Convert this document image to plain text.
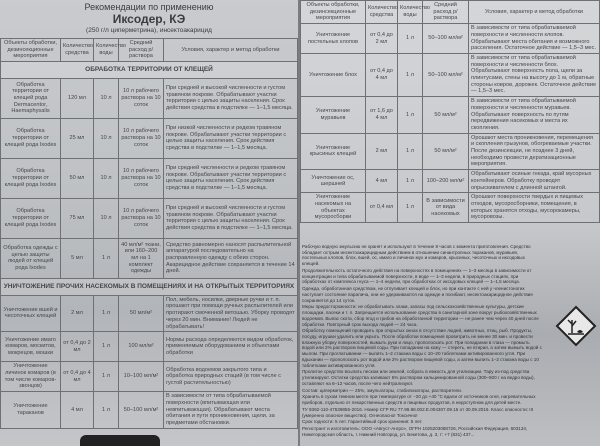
Рекомендации по применению
Иксодер, КЭ
(250 г/л циперметрина), инсектоакарицид
Объекты обработки, дезинсекционные мероприятия	Количество средства	Количество воды	Средний расход р/раствора	Условия, характер и метод обработки
ОБРАБОТКА ТЕРРИТОРИИ ОТ КЛЕЩЕЙ				
Обработка территории от клещей рода Dermacentor, Haemaphysalis	120 мл	10 л	10 л рабочего раствора на 10 соток	При средней и высокой численности и густом травяном покрове. Обрабатывают участки территории с целью защиты населения. Срок действия средства в подстилке — 1–1,5 месяца.
Обработка территории от клещей рода Ixodes	25 мл	10 л	10 л рабочего раствора на 10 соток	При низкой численности и редком травяном покрове. Обрабатывают участки территории с целью защиты населения. Срок действия средства в подстилке — 1–1,5 месяца.
Обработка территории от клещей рода Ixodes	50 мл	10 л	10 л рабочего раствора на 10 соток	При средней численности и редком травяном покрове. Обрабатывают участки территории с целью защиты населения. Срок действия средства в подстилке — 1–1,5 месяца.
Обработка территории от клещей рода Ixodes	75 мл	10 л	10 л рабочего раствора на 10 соток	При средней и высокой численности и густом травяном покрове. Обрабатывают участки территории с целью защиты населения. Срок действия средства в подстилке — 1–1,5 месяца.
Обработка одежды с целью защиты людей от клещей рода Ixodes	5 мл	1 л	40 мл/м² ткани, или 160–200 мл на 1 комплект одежды	Средство равномерно наносят распылительной аппаратурой последовательно на расправленную одежду с обеих сторон. Акарицидное действие сохраняется в течение 14 дней.
УНИЧТОЖЕНИЕ ПРОЧИХ НАСЕКОМЫХ В ПОМЕЩЕНИЯХ И НА ОТКРЫТЫХ ТЕРРИТОРИЯХ				
Уничтожение вшей и чесоточных клещей	2 мл	1 л	50 мл/м²	Пол, мебель, носилки, дверные ручки и т. п. орошают при помощи ручных распылителей или протирают смоченной ветошью. Уборку проводят через 20 мин. Внимание! Людей не обрабатывать!
Уничтожение имаго комаров, москитов, мокрецов, мошки	от 0,4 до 2 мл	1 л	100 мл/м²	Нормы расхода определяются видом обработок, применяемым оборудованием и объектами обработки
Уничтожение личинок комаров (в том числе комаров-звонцов)	от 0,4 до 4 мл	1 л	10–100 мл/м²	Обработка водоемов закрытого типа и обработка природных стаций (в том числе с густой растительностью)
Уничтожение тараканов	4 мл	1 л	50–100 мл/м²	В зависимости от типа обрабатываемой поверхности (впитывающая или невпитывающая). Обрабатывают места обитания и пути проникновения, щели, за предметами обстановки.
Объекты обработки, дезинсекционные мероприятия	Количество средства	Количество воды	Средний расход р/раствора	Условия, характер и метод обработки
Уничтожение постельных клопов	от 0,4 до 2 мл	1 л	50–100 мл/м²	В зависимости от типа обрабатываемой поверхности и численности клопов. Обрабатывают места обитания и возможного расселения. Остаточное действие — 1,5–3 мес.
Уничтожение блох	от 0,4 до 4 мл	1 л	50–100 мл/м²	В зависимости от типа обрабатываемой поверхности и численности блох. Обрабатывают поверхность пола, щели за плинтусами, стены на высоту до 1 м, обратные стороны ковров, дорожек. Остаточное действие — 1,5–3 мес.
Уничтожение муравьев	от 1,6 до 4 мл	1 л	50 мл/м²	В зависимости от типа обрабатываемой поверхности и численности муравьев. Обрабатывают поверхность по путям передвижения насекомых и места их скопления.
Уничтожение крысиных клещей	2 мл	1 л	50 мл/м²	Орошают места проникновения, перемещения и скопления грызунов, обогреваемые участки. После дезинсекции, не позднее 3 дней, необходимо провести дератизационные мероприятия.
Уничтожение ос, шершней	4 мл	1 л	100–200 мл/м²	Обрабатывают осиные гнезда, край мусорных контейнеров. Обработку проводят опрыскивателем с длинной штангой.
Уничтожение насекомых на объектах мусоросборки	от 0,4 мл	1 л	В зависимости от вида насекомых	Орошают поверхности твердых и пищевых отходов, мусоросборники, помещения, в которых хранятся отходы, мусорокамеры, мусоровозы.

Рабочую водную эмульсию не хранят и используют в течение 8 часов с момента приготовления. Средство обладает острым инсектоакарицидным действием в отношении синантропных тараканов, муравьев, постельных клопов, блох, вшей, ос, имаго и личинок мух и комаров, крысиных, чесоточных и иксодовых клещей.

Продолжительность остаточного действия на поверхностях в помещениях — 1–3 месяца в зависимости от концентрации и типа обрабатываемой поверхности, в воде — 1–3 недели, в природных стациях, при обработках от комплекса гнуса — 1–4 недели, при обработках от иксодовых клещей — 1–1,5 месяца.

Одежда, обработанная средством, не отпугивает клещей и блох, но при контакте с ней у членистоногих наступает состояние паралича, они не удерживаются на одежде и погибают, инсектоакарицидное действие сохраняется до 14 суток.

Меры предосторожности: не обрабатывать злаки, запасы под сельскохозяйственные культуры, детские площадки, пасеки и т. п. Запрещается использование средства в санитарной зоне вокруг рыбохозяйственных водоемов. Выпас скота, сбор ягод и грибов на обработанной территории — не ранее чем через 40 дней после обработки. Повторный срок выхода людей — 24 часа.

Обработку помещений проводить при открытых окнах в отсутствие людей, животных, птиц, рыб. Продукты, посуду, игрушки удалить или укрыть. После обработки помещения проветрить не менее 30 мин. и провести влажную уборку поверхностей, вымыть руки и лицо, прополоскать рот. При попадании в глаза — промыть водой или 2% раствором пищевой соды. При попадании на кожу — стереть, не втирая, а затем вымыть водой с мылом. При проглатывании — выпить 1–2 стакана воды с 10–20 таблетками активированного угля. При вдыхании — прополоскать рот водой или 2% раствором пищевой соды, а затем выпить 1–2 стакана воды с 10 таблетками активированного угля.

Пролитое средство всыпать песком или землей, собрать в емкость для утилизации. Тару из-под средства утилизируют. Остатки средства заливают 5% раствором кальцинированной соды (300–500 г на ведро воды), оставляют на 6–12 часов, после чего нейтрализуют.

Состав: циперметрин — 25%, эмульгаторы, стабилизаторы, растворители.

Хранить в сухом темном месте при температуре от −20 до +40 °С вдали от источников огня, нагревательных приборов, отдельно от лекарственных средств и пищевых продуктов, в недоступном для детей месте.

ТУ 9392-110-47539855-2016. Номер СГР RU 77.99.88.002.Е.004307.09.16 от 30.09.2016. Класс опасности: III (умеренно опасное вещество). Огнеопасно! Токсично!

Срок годности: 5 лет. Гарантийный срок хранения: 5 лет.

Регистрант и изготовитель: ООО «Август-Ангро», ОГРН 1025203088726, Российская Федерация, 603134, Нижегородская область, г. Нижний Новгород, ул. Бекетова, д. 3, т: +7 (831) 437...
